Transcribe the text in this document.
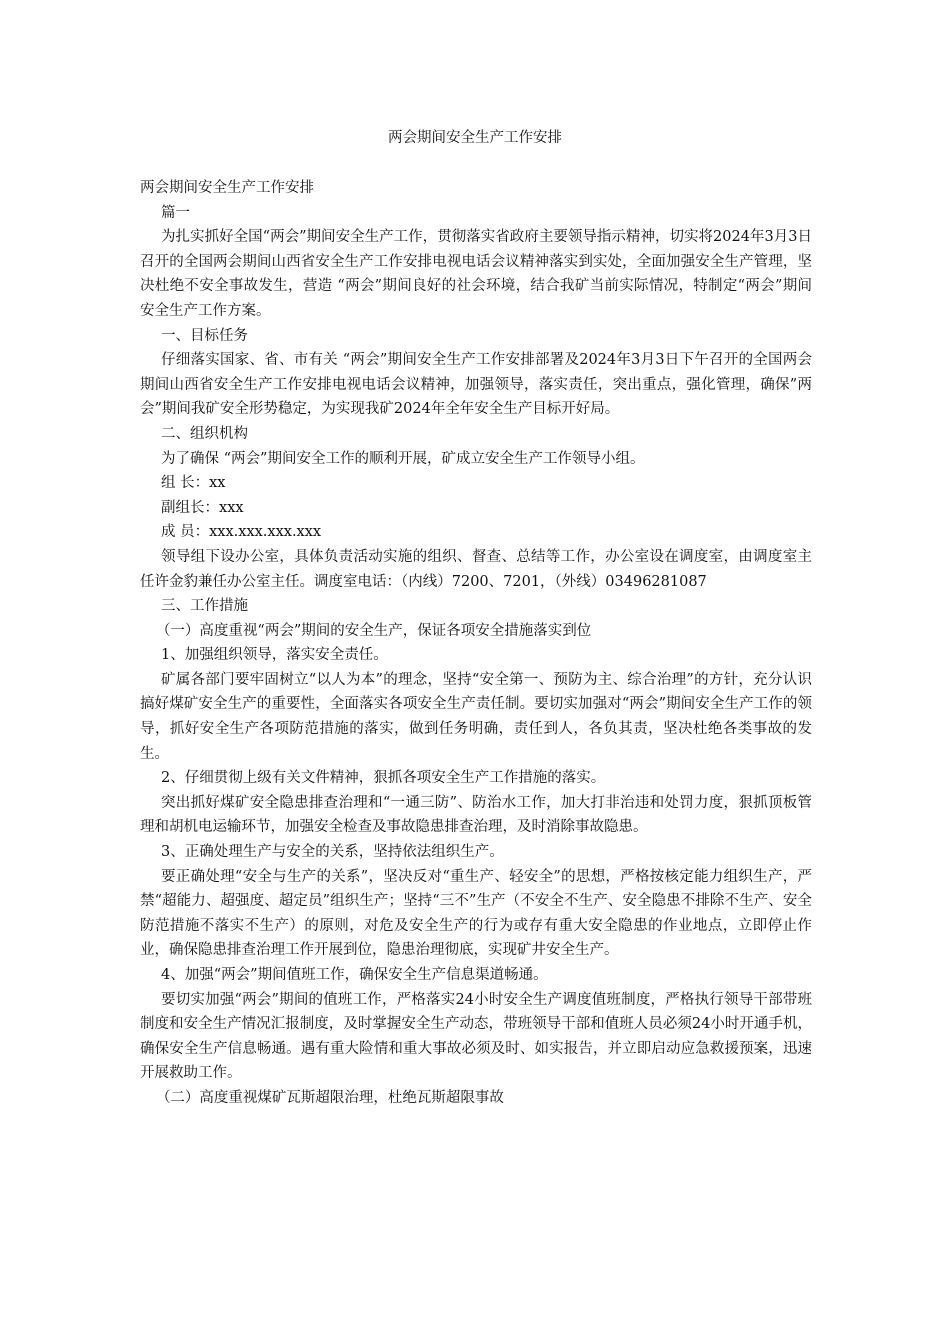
两会期间安全生产工作安排

两会期间安全生产工作安排

篇一

为扎实抓好全国“两会”期间安全生产工作，贯彻落实省政府主要领导指示精神，切实将2024年3月3日召开的全国两会期间山西省安全生产工作安排电视电话会议精神落实到实处，全面加强安全生产管理，坚决杜绝不安全事故发生，营造 “两会”期间良好的社会环境，结合我矿当前实际情况，特制定“两会”期间安全生产工作方案。

一、目标任务

仔细落实国家、省、市有关 “两会”期间安全生产工作安排部署及2024年3月3日下午召开的全国两会期间山西省安全生产工作安排电视电话会议精神，加强领导，落实责任，突出重点，强化管理，确保”两会”期间我矿安全形势稳定，为实现我矿2024年全年安全生产目标开好局。

二、组织机构

为了确保 “两会”期间安全工作的顺利开展，矿成立安全生产工作领导小组。

组 长：xx

副组长：xxx

成 员：xxx.xxx.xxx.xxx

领导组下设办公室，具体负责活动实施的组织、督查、总结等工作，办公室设在调度室，由调度室主任许金豹兼任办公室主任。调度室电话：（内线）7200、7201，（外线）03496281087

三、工作措施

（一）高度重视“两会”期间的安全生产，保证各项安全措施落实到位

1、加强组织领导，落实安全责任。

矿属各部门要牢固树立“以人为本”的理念，坚持“安全第一、预防为主、综合治理”的方针，充分认识搞好煤矿安全生产的重要性，全面落实各项安全生产责任制。要切实加强对“两会”期间安全生产工作的领导，抓好安全生产各项防范措施的落实，做到任务明确，责任到人，各负其责，坚决杜绝各类事故的发生。

2、仔细贯彻上级有关文件精神，狠抓各项安全生产工作措施的落实。

突出抓好煤矿安全隐患排查治理和“一通三防”、防治水工作，加大打非治违和处罚力度，狠抓顶板管理和胡机电运输环节，加强安全检查及事故隐患排查治理，及时消除事故隐患。

3、正确处理生产与安全的关系，坚持依法组织生产。

要正确处理“安全与生产的关系”，坚决反对“重生产、轻安全”的思想，严格按核定能力组织生产，严禁“超能力、超强度、超定员”组织生产；坚持“三不”生产（不安全不生产、安全隐患不排除不生产、安全防范措施不落实不生产）的原则，对危及安全生产的行为或存有重大安全隐患的作业地点，立即停止作业，确保隐患排查治理工作开展到位，隐患治理彻底，实现矿井安全生产。

4、加强“两会”期间值班工作，确保安全生产信息渠道畅通。

要切实加强“两会”期间的值班工作，严格落实24小时安全生产调度值班制度，严格执行领导干部带班制度和安全生产情况汇报制度，及时掌握安全生产动态，带班领导干部和值班人员必须24小时开通手机，确保安全生产信息畅通。遇有重大险情和重大事故必须及时、如实报告，并立即启动应急救援预案，迅速开展救助工作。

（二）高度重视煤矿瓦斯超限治理，杜绝瓦斯超限事故
